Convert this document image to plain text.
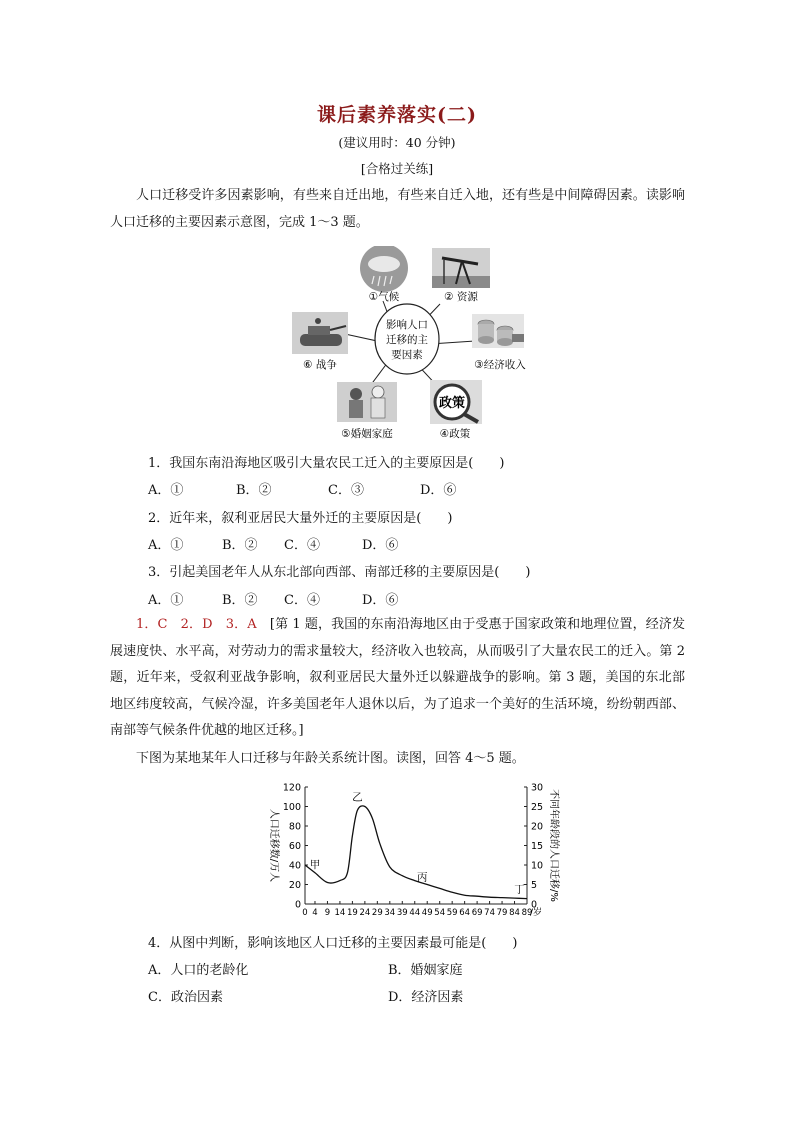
课后素养落实(二)
(建议用时：40 分钟)
[合格过关练]
人口迁移受许多因素影响，有些来自迁出地，有些来自迁入地，还有些是中间障碍因素。读影响人口迁移的主要因素示意图，完成 1～3 题。
影响人口
迁移的主
要因素
①气候	② 资源
⑥ 战争	③经济收入
⑤婚姻家庭
政策
④政策
1．我国东南沿海地区吸引大量农民工迁入的主要原因是(　　)
A．①	B．②	C．③	D．⑥
2．近年来，叙利亚居民大量外迁的主要原因是(　　)
A．①	B．② C．④	D．⑥
3．引起美国老年人从东北部向西部、南部迁移的主要原因是(　　)
A．①	B．② C．④	D．⑥
1．C　2．D　3．A　 [第 1 题，我国的东南沿海地区由于受惠于国家政策和地理位置，经济发展速度快、水平高，对劳动力的需求量较大，经济收入也较高，从而吸引了大量农民工的迁入。第 2 题，近年来，受叙利亚战争影响，叙利亚居民大量外迁以躲避战争的影响。第 3 题，美国的东北部地区纬度较高，气候冷湿，许多美国老年人退休以后，为了追求一个美好的生活环境，纷纷朝西部、南部等气候条件优越的地区迁移。]
下图为某地某年人口迁移与年龄关系统计图。读图，回答 4～5 题。
0
20
40
60
80
100
120
0
5
10
15
20
25
30
0 4 9 14 19 24 29 34 39 44 49 54 59 64 69 74 79 84 89
/岁
人口迁移数/万人	不同年龄段的人口迁移/%
甲
乙
丙
丁
4．从图中判断，影响该地区人口迁移的主要因素最可能是(　　)
A．人口的老龄化	B．婚姻家庭
C．政治因素	D．经济因素
